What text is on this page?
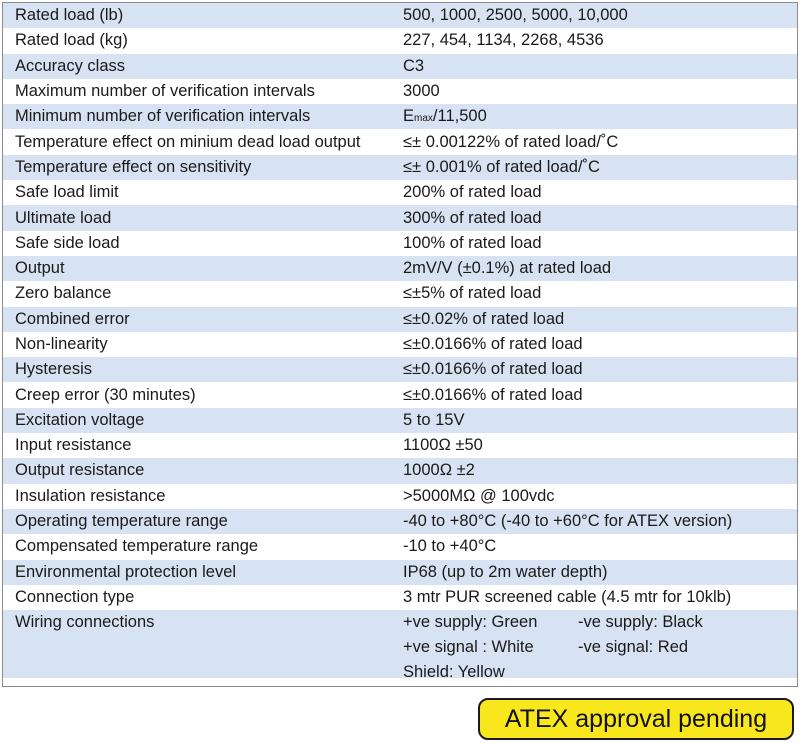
Rated load (lb)	500, 1000, 2500, 5000, 10,000
Rated load (kg)	227, 454, 1134, 2268, 4536
Accuracy class	C3
Maximum number of verification intervals	3000
Minimum number of verification intervals	Emax/11,500
Temperature effect on minium dead load output	≤± 0.00122% of rated load/˚C
Temperature effect on sensitivity	≤± 0.001% of rated load/˚C
Safe load limit	200% of rated load
Ultimate load	300% of rated load
Safe side load	100% of rated load
Output	2mV/V (±0.1%) at rated load
Zero balance	≤±5% of rated load
Combined error	≤±0.02% of rated load
Non-linearity	≤±0.0166% of rated load
Hysteresis	≤±0.0166% of rated load
Creep error (30 minutes)	≤±0.0166% of rated load
Excitation voltage	5 to 15V
Input resistance	1100Ω ±50
Output resistance	1000Ω ±2
Insulation resistance	>5000MΩ @ 100vdc
Operating temperature range	-40 to +80°C (-40 to +60°C for ATEX version)
Compensated temperature range	-10 to +40°C
Environmental protection level	IP68 (up to 2m water depth)
Connection type	3 mtr PUR screened cable (4.5 mtr for 10klb)
Wiring connections	+ve supply: Green	-ve supply: Black
+ve signal : White	-ve signal: Red
Shield: Yellow
ATEX approval pending
